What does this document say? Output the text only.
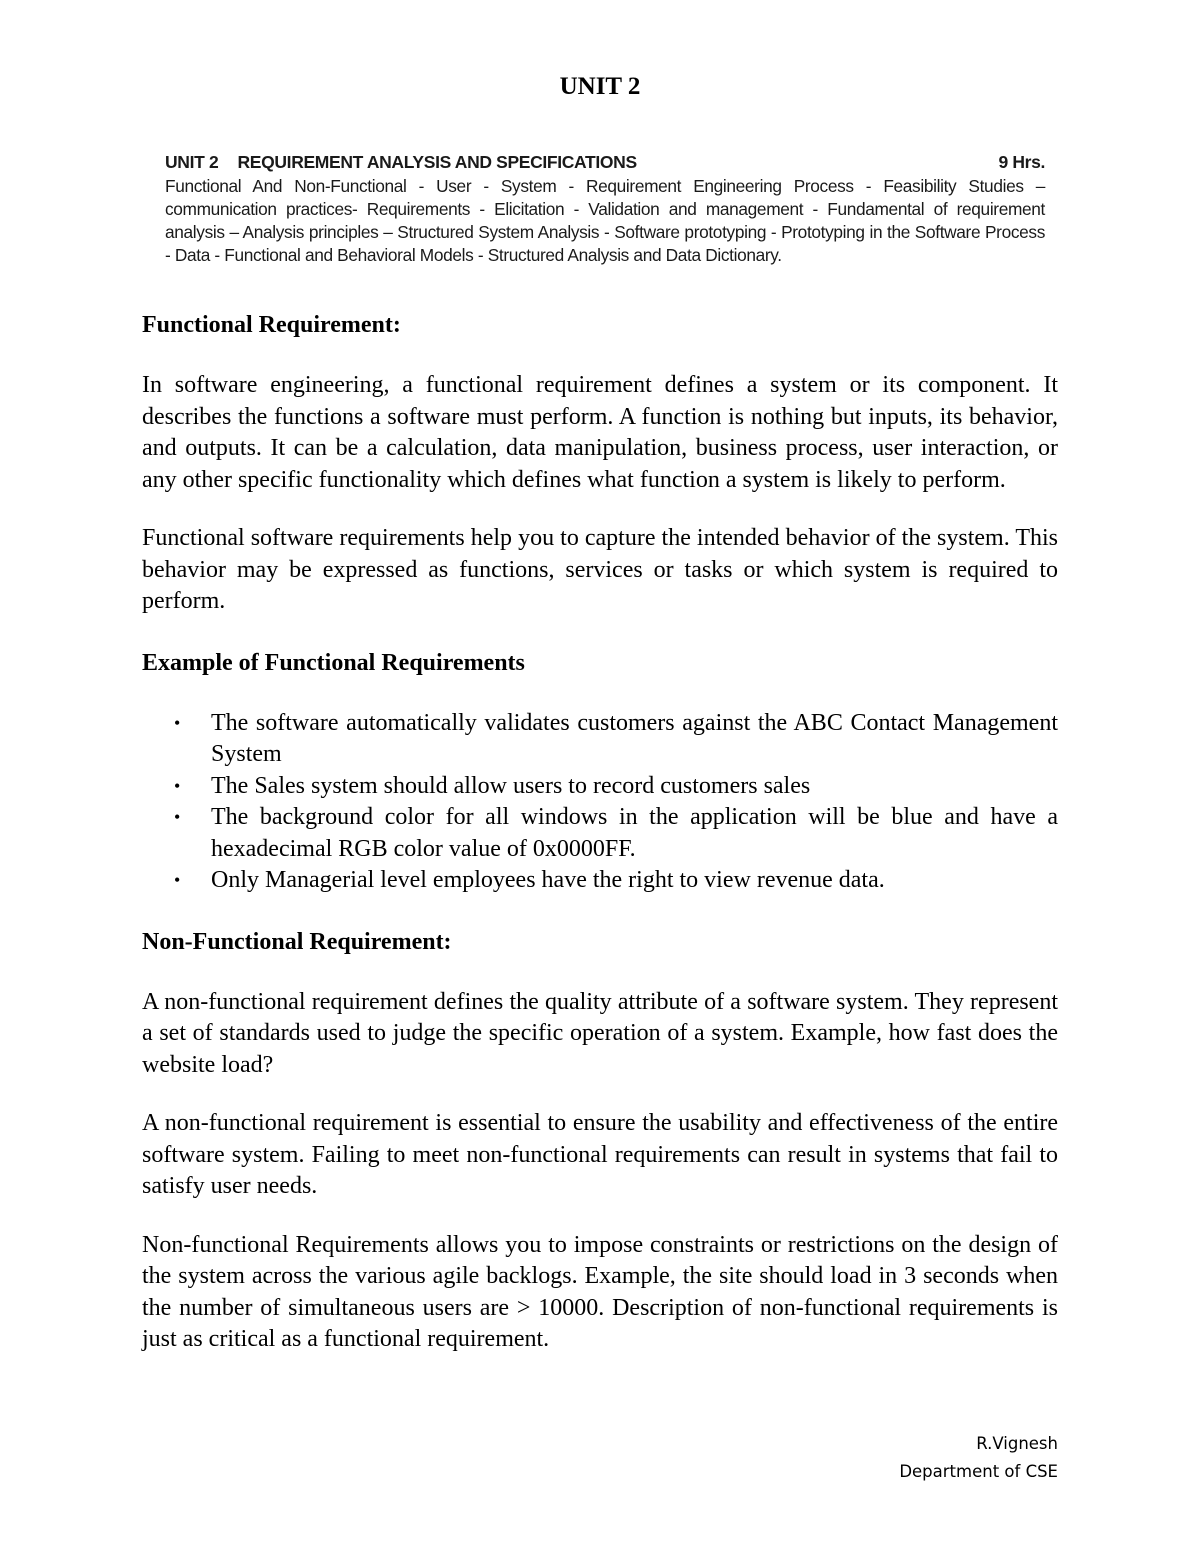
UNIT 2
UNIT 2 REQUIREMENT ANALYSIS AND SPECIFICATIONS	9 Hrs.

Functional And Non-Functional - User - System - Requirement Engineering Process - Feasibility Studies –communication practices- Requirements - Elicitation - Validation and management - Fundamental of requirement analysis – Analysis principles – Structured System Analysis - Software prototyping - Prototyping in the Software Process - Data - Functional and Behavioral Models - Structured Analysis and Data Dictionary.

Functional Requirement:

In software engineering, a functional requirement defines a system or its component. It describes the functions a software must perform. A function is nothing but inputs, its behavior, and outputs. It can be a calculation, data manipulation, business process, user interaction, or any other specific functionality which defines what function a system is likely to perform.

Functional software requirements help you to capture the intended behavior of the system. This behavior may be expressed as functions, services or tasks or which system is required to perform.

Example of Functional Requirements
• The software automatically validates customers against the ABC Contact Management System
• The Sales system should allow users to record customers sales
• The background color for all windows in the application will be blue and have a hexadecimal RGB color value of 0x0000FF.
• Only Managerial level employees have the right to view revenue data.
Non-Functional Requirement:

A non-functional requirement defines the quality attribute of a software system. They represent a set of standards used to judge the specific operation of a system. Example, how fast does the website load?

A non-functional requirement is essential to ensure the usability and effectiveness of the entire software system. Failing to meet non-functional requirements can result in systems that fail to satisfy user needs.

Non-functional Requirements allows you to impose constraints or restrictions on the design of the system across the various agile backlogs. Example, the site should load in 3 seconds when the number of simultaneous users are > 10000. Description of non-functional requirements is just as critical as a functional requirement.

R.Vignesh
Department of CSE
